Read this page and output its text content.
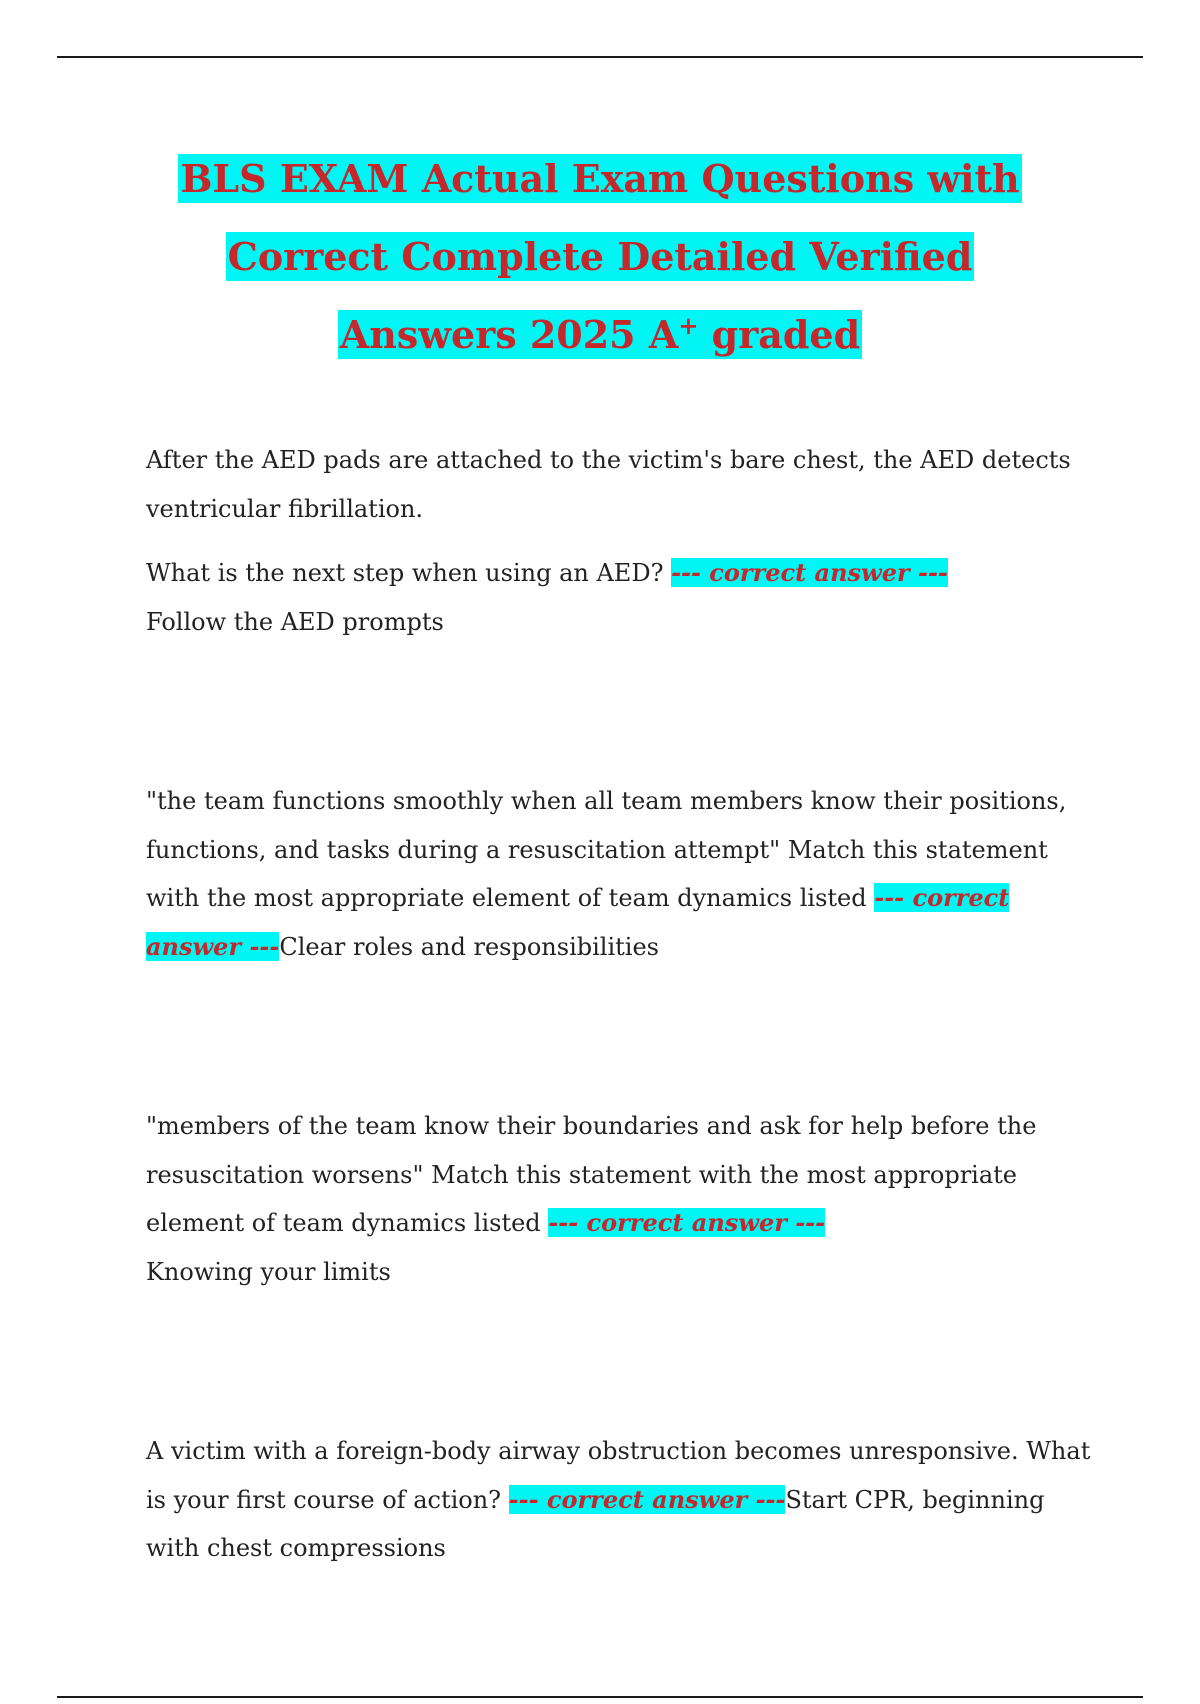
BLS EXAM Actual Exam Questions with
Correct Complete Detailed Verified
Answers 2025 A+ graded

After the AED pads are attached to the victim's bare chest, the AED detects ventricular fibrillation.

What is the next step when using an AED? --- correct answer ---
Follow the AED prompts

"the team functions smoothly when all team members know their positions, functions, and tasks during a resuscitation attempt" Match this statement with the most appropriate element of team dynamics listed --- correct answer ---Clear roles and responsibilities

"members of the team know their boundaries and ask for help before the resuscitation worsens" Match this statement with the most appropriate element of team dynamics listed --- correct answer ---
Knowing your limits

A victim with a foreign-body airway obstruction becomes unresponsive. What is your first course of action? --- correct answer ---Start CPR, beginning with chest compressions
